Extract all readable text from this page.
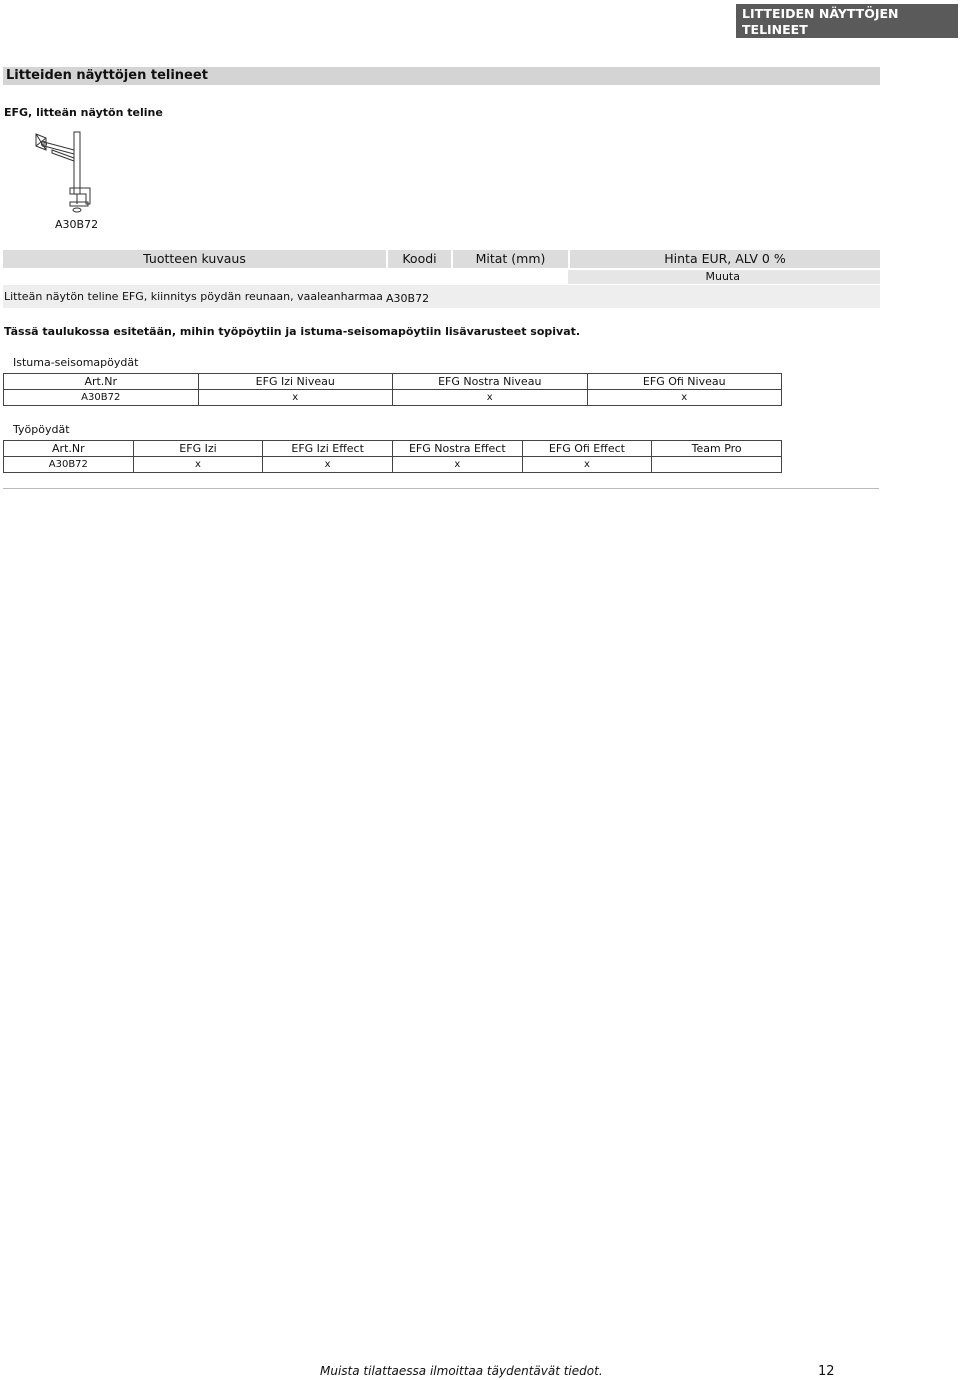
LITTEIDEN NÄYTTÖJEN TELINEET
Litteiden näyttöjen telineet
EFG, litteän näytön teline
A30B72
Tuotteen kuvaus	Koodi	Mitat (mm)	Hinta EUR, ALV 0 %
Muuta
Litteän näytön teline EFG, kiinnitys pöydän reunaan, vaaleanharmaa A30B72
Tässä taulukossa esitetään, mihin työpöytiin ja istuma-seisomapöytiin lisävarusteet sopivat.
Istuma-seisomapöydät
Art.Nr	EFG Izi Niveau	EFG Nostra Niveau	EFG Ofi Niveau
A30B72	x	x	x
Työpöydät
Art.Nr	EFG Izi	EFG Izi Effect	EFG Nostra Effect	EFG Ofi Effect	Team Pro
A30B72	x	x	x	x	
Muista tilattaessa ilmoittaa täydentävät tiedot.	12
